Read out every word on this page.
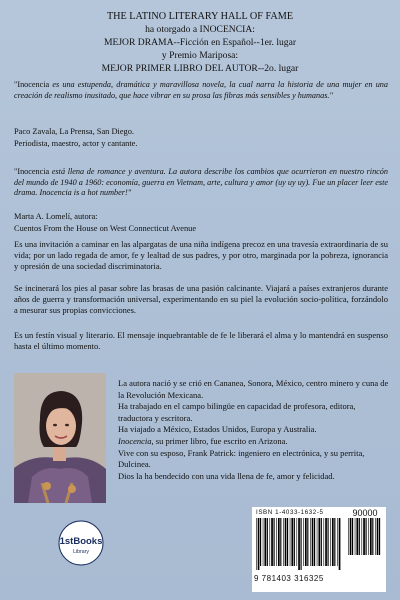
THE LATINO LITERARY HALL OF FAME
ha otorgado a INOCENCIA:
MEJOR DRAMA--Ficción en Español--1er. lugar
y Premio Mariposa:
MEJOR PRIMER LIBRO DEL AUTOR--2o. lugar
"Inocencia es una estupenda, dramática y maravillosa novela, la cual narra la historia de una mujer en una creación de realismo inusitado, que hace vibrar en su prosa las fibras más sensibles y humanas."
Paco Zavala, La Prensa, San Diego.
Periodista, maestro, actor y cantante.
"Inocencia está llena de romance y aventura. La autora describe los cambios que ocurrieron en nuestro rincón del mundo de 1940 a 1960: economía, guerra en Vietnam, arte, cultura y amor (uy uy uy). Fue un placer leer este drama. Inocencia is a hot number!"
Marta A. Lomelí, autora:
Cuentos From the House on West Connecticut Avenue
Es una invitación a caminar en las alpargatas de una niña indígena precoz en una travesía extraordinaria de su vida; por un lado regada de amor, fe y lealtad de sus padres, y por otro, marginada por la pobreza, ignorancia y opresión de una sociedad discriminatoria.
Se incinerará los pies al pasar sobre las brasas de una pasión calcinante. Viajará a países extranjeros durante años de guerra y transformación universal, experimentando en su piel la evolución socio-política, forzándolo a mesurar sus propias convicciones.
Es un festín visual y literario. El mensaje inquebrantable de fe le liberará el alma y lo mantendrá en suspenso hasta el último momento.
La autora nació y se crió en Cananea, Sonora, México, centro minero y cuna de la Revolución Mexicana.
Ha trabajado en el campo bilingüe en capacidad de profesora, editora, traductora y escritora.
Ha viajado a México, Estados Unidos, Europa y Australia.
Inocencia, su primer libro, fue escrito en Arizona.
Vive con su esposo, Frank Patrick: ingeniero en electrónica, y su perrita, Dulcinea.
Dios la ha bendecido con una vida llena de fe, amor y felicidad.
1stBooks
Library
ISBN 1-4033-1632-5	90000
9 781403 316325
